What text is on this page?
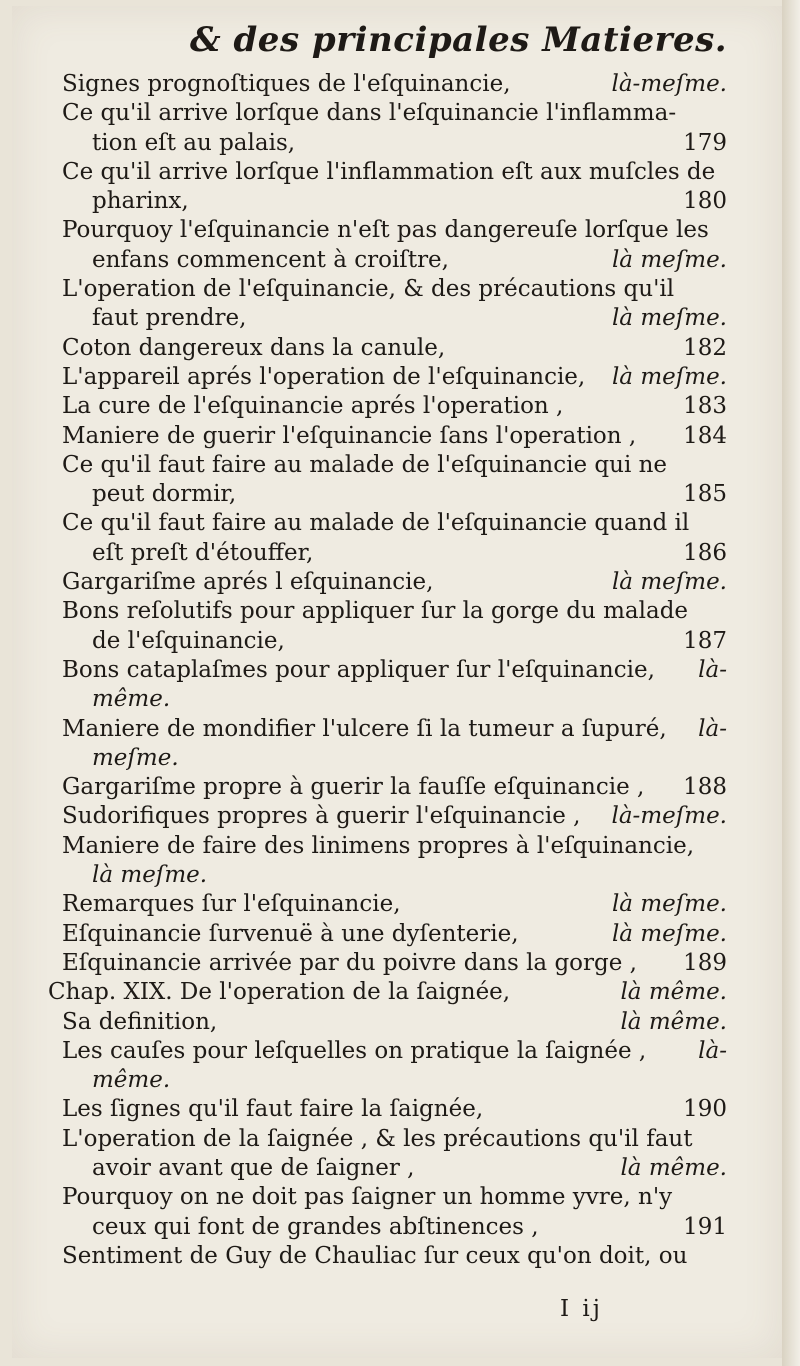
& des principales Matieres.
Signes prognoſtiques de l'eſquinancie,	là-meſme.
Ce qu'il arrive lorſque dans l'eſquinancie l'inflamma-
tion eſt au palais,	179
Ce qu'il arrive lorſque l'inflammation eſt aux muſcles de
pharinx,	180
Pourquoy l'eſquinancie n'eſt pas dangereuſe lorſque les
enfans commencent à croiſtre,	là meſme.
L'operation de l'eſquinancie, & des précautions qu'il
faut prendre,	là meſme.
Coton dangereux dans la canule,	182
L'appareil aprés l'operation de l'eſquinancie, là meſme.
La cure de l'eſquinancie aprés l'operation ,	183
Maniere de guerir l'eſquinancie ſans l'operation , 184
Ce qu'il faut faire au malade de l'eſquinancie qui ne
peut dormir,	185
Ce qu'il faut faire au malade de l'eſquinancie quand il
eſt preſt d'étouffer,	186
Gargariſme aprés l eſquinancie,	là meſme.
Bons reſolutifs pour appliquer ſur la gorge du malade
de l'eſquinancie,	187
Bons cataplaſmes pour appliquer ſur l'eſquinancie, là-
même.
Maniere de mondifier l'ulcere ſi la tumeur a ſupuré, là-
meſme.
Gargariſme propre à guerir la fauſſe eſquinancie , 188
Sudorifiques propres à guerir l'eſquinancie , là-meſme.
Maniere de faire des linimens propres à l'eſquinancie,
là meſme.
Remarques ſur l'eſquinancie,	là meſme.
Eſquinancie ſurvenuë à une dyſenterie,	là meſme.
Eſquinancie arrivée par du poivre dans la gorge , 189
Chap. XIX. De l'operation de la ſaignée,	là même.
Sa definition,	là même.
Les cauſes pour leſquelles on pratique la ſaignée , là-
même.
Les ſignes qu'il faut faire la ſaignée,	190
L'operation de la ſaignée , & les précautions qu'il faut
avoir avant que de ſaigner ,	là même.
Pourquoy on ne doit pas ſaigner un homme yvre, n'y
ceux qui font de grandes abſtinences ,	191
Sentiment de Guy de Chauliac ſur ceux qu'on doit, ou
I ij
